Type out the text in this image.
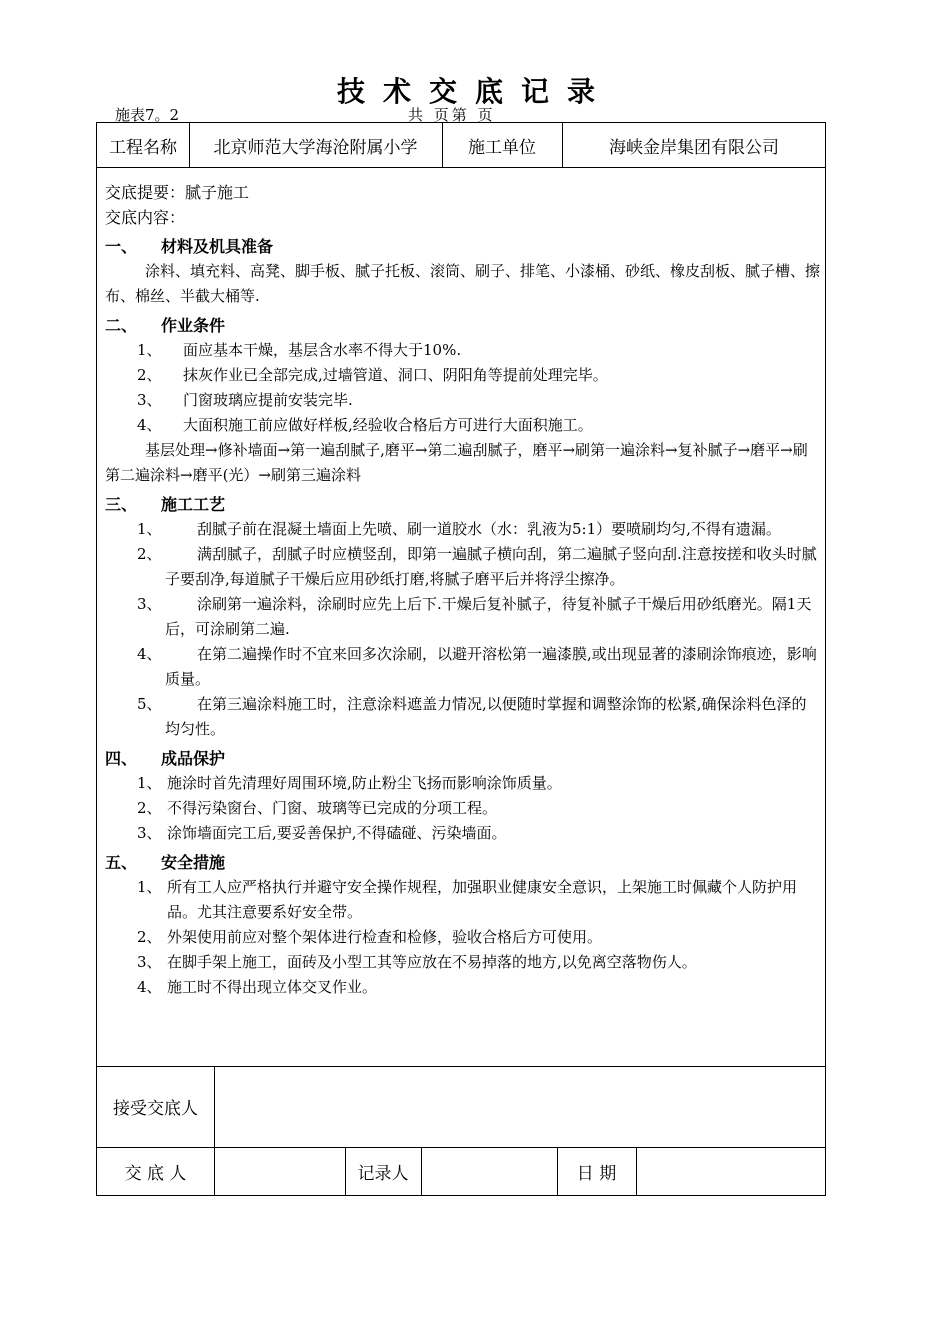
技术交底记录
施表7。2	共 页第 页
工程名称	北京师范大学海沧附属小学	施工单位	海峡金岸集团有限公司
接受交底人
交 底 人	记录人	日 期

交底提要：腻子施工

交底内容：

一、 材料及机具准备

涂料、填充料、高凳、脚手板、腻子托板、滚筒、刷子、排笔、小漆桶、砂纸、橡皮刮板、腻子槽、擦布、棉丝、半截大桶等.

二、 作业条件
1、	面应基本干燥，基层含水率不得大于10%.
2、	抹灰作业已全部完成,过墙管道、洞口、阴阳角等提前处理完毕。
3、	门窗玻璃应提前安装完毕.
4、	大面积施工前应做好样板,经验收合格后方可进行大面积施工。

基层处理→修补墙面→第一遍刮腻子,磨平→第二遍刮腻子，磨平→刷第一遍涂料→复补腻子→磨平→刷第二遍涂料→磨平(光）→刷第三遍涂料

三、 施工工艺
1、	刮腻子前在混凝土墙面上先喷、刷一道胶水（水：乳液为5:1）要喷刷均匀,不得有遗漏。
2、	满刮腻子，刮腻子时应横竖刮，即第一遍腻子横向刮，第二遍腻子竖向刮.注意按搓和收头时腻子要刮净,每道腻子干燥后应用砂纸打磨,将腻子磨平后并将浮尘擦净。
3、	涂刷第一遍涂料，涂刷时应先上后下.干燥后复补腻子，待复补腻子干燥后用砂纸磨光。隔1天后，可涂刷第二遍.
4、	在第二遍操作时不宜来回多次涂刷，以避开溶松第一遍漆膜,或出现显著的漆刷涂饰痕迹，影响质量。
5、	在第三遍涂料施工时，注意涂料遮盖力情况,以便随时掌握和调整涂饰的松紧,确保涂料色泽的均匀性。
四、 成品保护
1、 施涂时首先清理好周围环境,防止粉尘飞扬而影响涂饰质量。
2、 不得污染窗台、门窗、玻璃等已完成的分项工程。
3、 涂饰墙面完工后,要妥善保护,不得磕碰、污染墙面。
五、 安全措施
1、 所有工人应严格执行并避守安全操作规程，加强职业健康安全意识，上架施工时佩藏个人防护用品。尤其注意要系好安全带。
2、 外架使用前应对整个架体进行检查和检修，验收合格后方可使用。
3、 在脚手架上施工，面砖及小型工其等应放在不易掉落的地方,以免离空落物伤人。
4、 施工时不得出现立体交叉作业。
